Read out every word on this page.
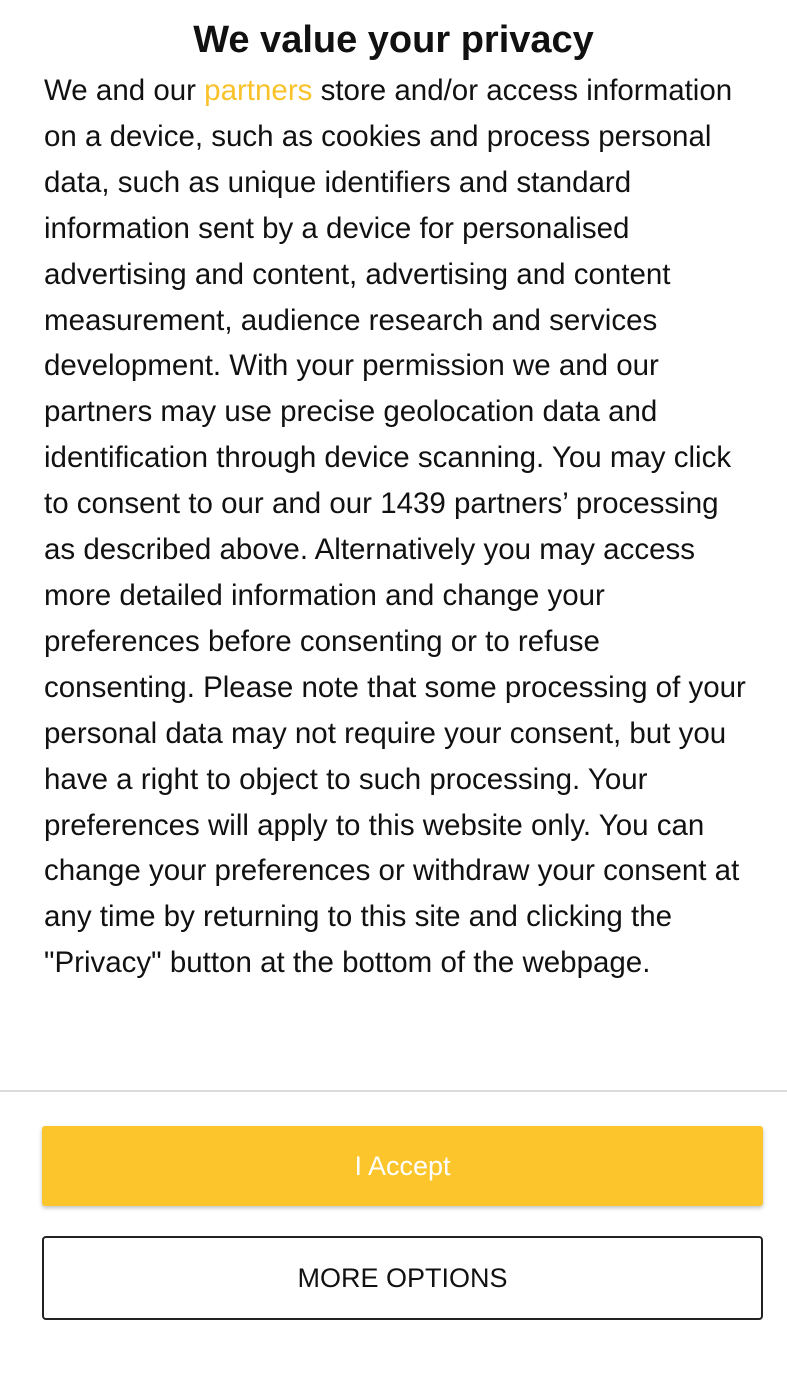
We value your privacy

We and our partners store and/or access information on a device, such as cookies and process personal data, such as unique identifiers and standard information sent by a device for personalised advertising and content, advertising and content measurement, audience research and services development. With your permission we and our partners may use precise geolocation data and identification through device scanning. You may click to consent to our and our 1439 partners’ processing as described above. Alternatively you may access more detailed information and change your preferences before consenting or to refuse consenting. Please note that some processing of your personal data may not require your consent, but you have a right to object to such processing. Your preferences will apply to this website only. You can change your preferences or withdraw your consent at any time by returning to this site and clicking the "Privacy" button at the bottom of the webpage.

I Accept
MORE OPTIONS
